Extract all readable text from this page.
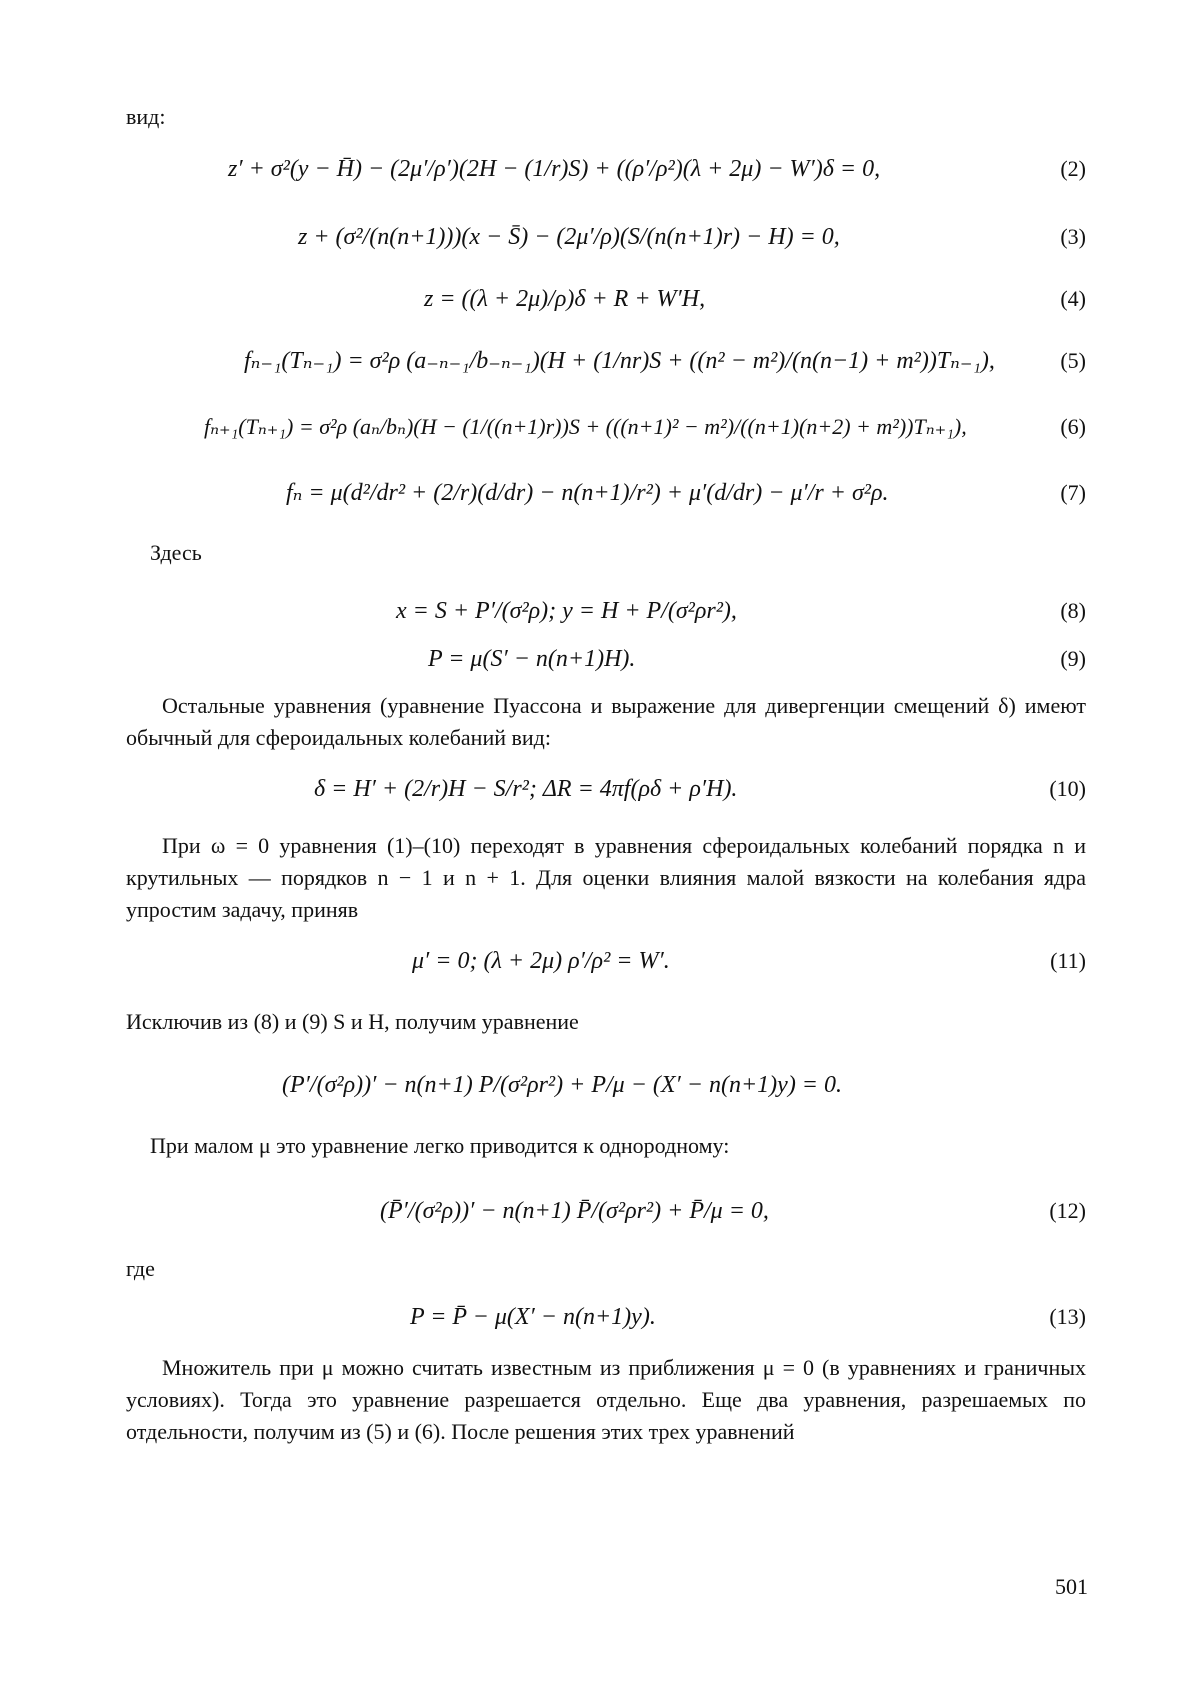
вид:
z′ + σ²(y − H̄) − (2μ′/ρ′)(2H − (1/r)S) + ((ρ′/ρ²)(λ + 2μ) − W′)δ = 0,	(2)
z + (σ²/(n(n+1)))(x − S̄) − (2μ′/ρ)(S/(n(n+1)r) − H) = 0,	(3)
z = ((λ + 2μ)/ρ)δ + R + W′H,	(4)
fₙ₋₁(Tₙ₋₁) = σ²ρ (a₋ₙ₋₁/b₋ₙ₋₁)(H + (1/nr)S + ((n² − m²)/(n(n−1) + m²))Tₙ₋₁),	(5)
fₙ₊₁(Tₙ₊₁) = σ²ρ (aₙ/bₙ)(H − (1/((n+1)r))S + (((n+1)² − m²)/((n+1)(n+2) + m²))Tₙ₊₁),	(6)
fₙ = μ(d²/dr² + (2/r)(d/dr) − n(n+1)/r²) + μ′(d/dr) − μ′/r + σ²ρ.	(7)
Здесь
x = S + P′/(σ²ρ); y = H + P/(σ²ρr²),	(8)
P = μ(S′ − n(n+1)H).	(9)
Остальные уравнения (уравнение Пуассона и выражение для дивергенции смещений δ) имеют обычный для сфероидальных колебаний вид:
δ = H′ + (2/r)H − S/r²; ΔR = 4πf(ρδ + ρ′H).	(10)
При ω = 0 уравнения (1)–(10) переходят в уравнения сфероидальных колебаний порядка n и крутильных — порядков n − 1 и n + 1. Для оценки влияния малой вязкости на колебания ядра упростим задачу, приняв
μ′ = 0; (λ + 2μ) ρ′/ρ² = W′.	(11)
Исключив из (8) и (9) S и H, получим уравнение
(P′/(σ²ρ))′ − n(n+1) P/(σ²ρr²) + P/μ − (X′ − n(n+1)y) = 0.
При малом μ это уравнение легко приводится к однородному:
(P̄′/(σ²ρ))′ − n(n+1) P̄/(σ²ρr²) + P̄/μ = 0,	(12)
где
P = P̄ − μ(X′ − n(n+1)y).	(13)
Множитель при μ можно считать известным из приближения μ = 0 (в уравнениях и граничных условиях). Тогда это уравнение разрешается отдельно. Еще два уравнения, разрешаемых по отдельности, получим из (5) и (6). После решения этих трех уравнений
501
